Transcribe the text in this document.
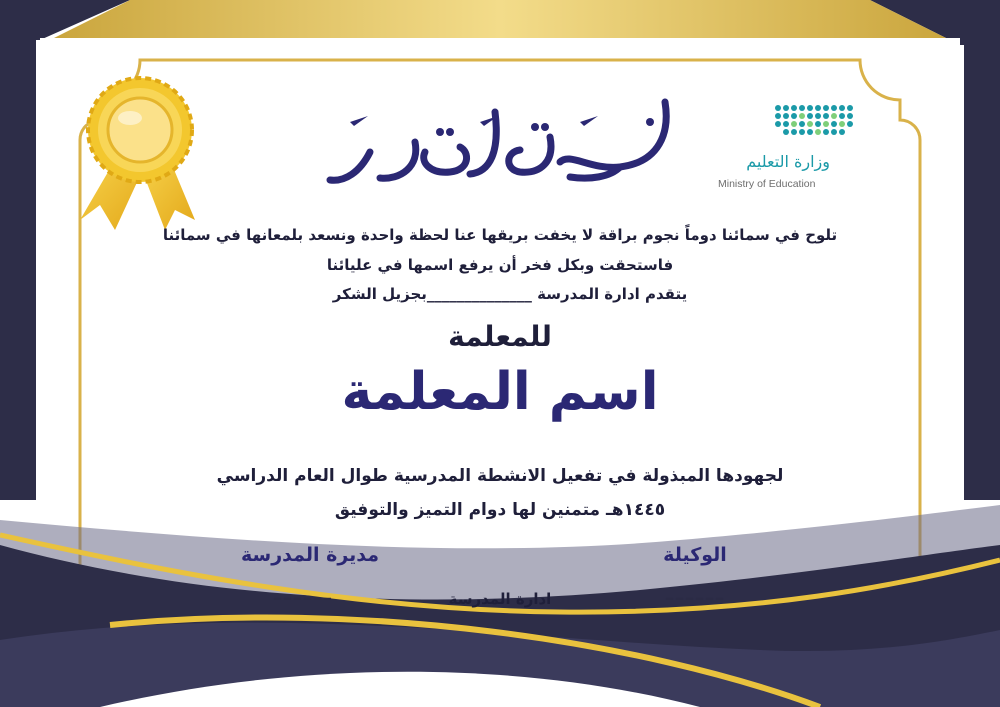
وزارة التعليم
Ministry of Education
تلوح في سمائنا دوماً نجوم براقة لا يخفت بريقها عنا لحظة واحدة ونسعد بلمعانها في سمائنا
فاستحقت وبكل فخر أن يرفع اسمها في عليائنا
يتقدم ادارة المدرسة ______________بجزيل الشكر
للمعلمة
اسم المعلمة
لجهودها المبذولة في تفعيل الانشطة المدرسية طوال العام الدراسي
١٤٤٥هـ متمنين لها دوام التميز والتوفيق
الوكيلة
مديرة المدرسة
––––––
––––––	ادارة المدرسة
